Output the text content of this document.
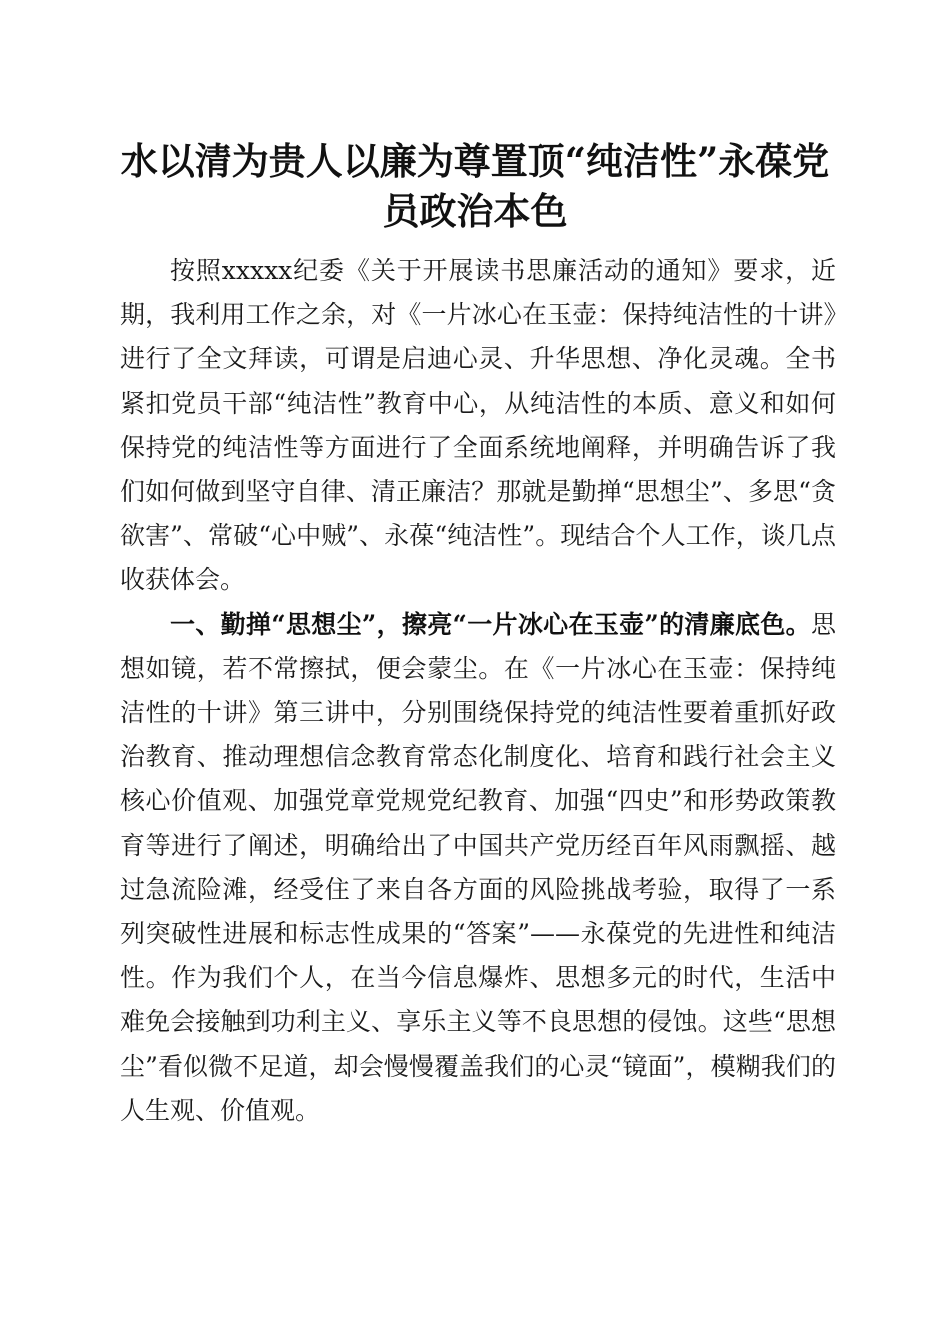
水以清为贵人以廉为尊置顶“纯洁性”永葆党员政治本色

按照xxxxx纪委《关于开展读书思廉活动的通知》要求，近期，我利用工作之余，对《一片冰心在玉壶：保持纯洁性的十讲》进行了全文拜读，可谓是启迪心灵、升华思想、净化灵魂。全书紧扣党员干部“纯洁性”教育中心，从纯洁性的本质、意义和如何保持党的纯洁性等方面进行了全面系统地阐释，并明确告诉了我们如何做到坚守自律、清正廉洁？那就是勤掸“思想尘”、多思“贪欲害”、常破“心中贼”、永葆“纯洁性”。现结合个人工作，谈几点收获体会。

一、勤掸“思想尘”，擦亮“一片冰心在玉壶”的清廉底色。思想如镜，若不常擦拭，便会蒙尘。在《一片冰心在玉壶：保持纯洁性的十讲》第三讲中，分别围绕保持党的纯洁性要着重抓好政治教育、推动理想信念教育常态化制度化、培育和践行社会主义核心价值观、加强党章党规党纪教育、加强“四史”和形势政策教育等进行了阐述，明确给出了中国共产党历经百年风雨飘摇、越过急流险滩，经受住了来自各方面的风险挑战考验，取得了一系列突破性进展和标志性成果的“答案”——永葆党的先进性和纯洁性。作为我们个人，在当今信息爆炸、思想多元的时代，生活中难免会接触到功利主义、享乐主义等不良思想的侵蚀。这些“思想尘”看似微不足道，却会慢慢覆盖我们的心灵“镜面”，模糊我们的人生观、价值观。
